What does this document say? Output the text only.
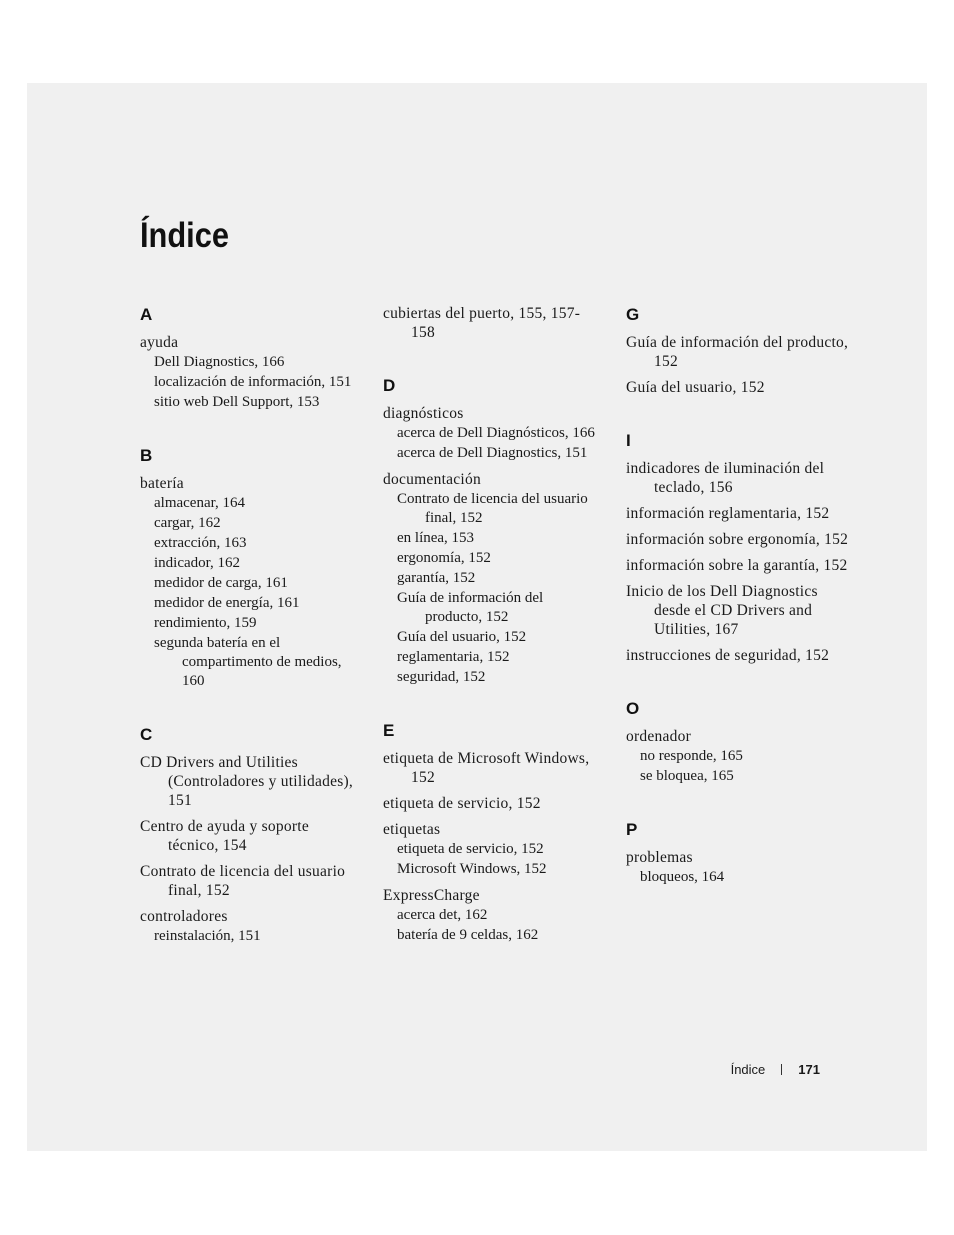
Índice
A
ayuda
Dell Diagnostics, 166
localización de información, 151
sitio web Dell Support, 153
B
batería
almacenar, 164
cargar, 162
extracción, 163
indicador, 162
medidor de carga, 161
medidor de energía, 161
rendimiento, 159
segunda batería en el compartimento de medios, 160
C
CD Drivers and Utilities (Controladores y utilidades), 151
Centro de ayuda y soporte técnico, 154
Contrato de licencia del usuario final, 152
controladores
reinstalación, 151
cubiertas del puerto, 155, 157-158
D
diagnósticos
acerca de Dell Diagnósticos, 166
acerca de Dell Diagnostics, 151
documentación
Contrato de licencia del usuario final, 152
en línea, 153
ergonomía, 152
garantía, 152
Guía de información del producto, 152
Guía del usuario, 152
reglamentaria, 152
seguridad, 152
E
etiqueta de Microsoft Windows, 152
etiqueta de servicio, 152
etiquetas
etiqueta de servicio, 152
Microsoft Windows, 152
ExpressCharge
acerca det, 162
batería de 9 celdas, 162
G
Guía de información del producto, 152
Guía del usuario, 152
I
indicadores de iluminación del teclado, 156
información reglamentaria, 152
información sobre ergonomía, 152
información sobre la garantía, 152
Inicio de los Dell Diagnostics desde el CD Drivers and Utilities, 167
instrucciones de seguridad, 152
O
ordenador
no responde, 165
se bloquea, 165
P
problemas
bloqueos, 164
Índice	171
